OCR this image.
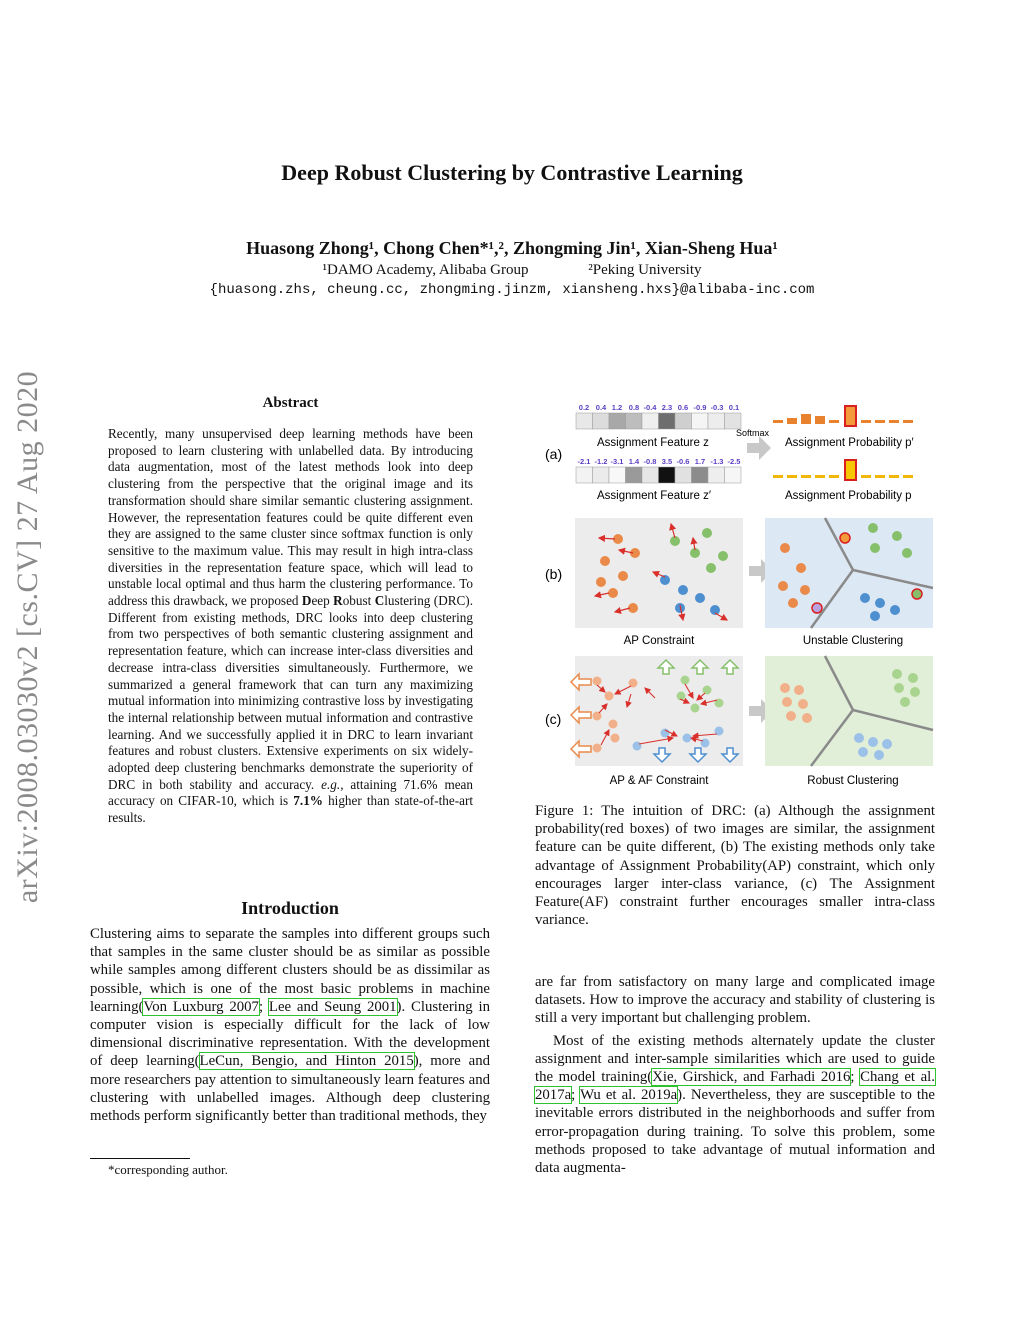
Deep Robust Clustering by Contrastive Learning
Huasong Zhong¹, Chong Chen*¹,², Zhongming Jin¹, Xian-Sheng Hua¹
¹DAMO Academy, Alibaba Group	²Peking University
{huasong.zhs, cheung.cc, zhongming.jinzm, xiansheng.hxs}@alibaba-inc.com
arXiv:2008.03030v2 [cs.CV] 27 Aug 2020	Abstract
Recently, many unsupervised deep learning methods have been proposed to learn clustering with unlabelled data. By introducing data augmentation, most of the latest methods look into deep clustering from the perspective that the original image and its transformation should share similar semantic clustering assignment. However, the representation features could be quite different even they are assigned to the same cluster since softmax function is only sensitive to the maximum value. This may result in high intra-class diversities in the representation feature space, which will lead to unstable local optimal and thus harm the clustering performance. To address this drawback, we proposed Deep Robust Clustering (DRC). Different from existing methods, DRC looks into deep clustering from two perspectives of both semantic clustering assignment and representation feature, which can increase inter-class diversities and decrease intra-class diversities simultaneously. Furthermore, we summarized a general framework that can turn any maximizing mutual information into minimizing contrastive loss by investigating the internal relationship between mutual information and contrastive learning. And we successfully applied it in DRC to learn invariant features and robust clusters. Extensive experiments on six widely-adopted deep clustering benchmarks demonstrate the superiority of DRC in both stability and accuracy. e.g., attaining 71.6% mean accuracy on CIFAR-10, which is 7.1% higher than state-of-the-art results.
Introduction
Clustering aims to separate the samples into different groups such that samples in the same cluster should be as similar as possible while samples among different clusters should be as dissimilar as possible, which is one of the most basic problems in machine learning(Von Luxburg 2007; Lee and Seung 2001). Clustering in computer vision is especially difficult for the lack of low dimensional discriminative representation. With the development of deep learning(LeCun, Bengio, and Hinton 2015), more and more researchers pay attention to simultaneously learn features and clustering with unlabelled images. Although deep clustering methods perform significantly better than traditional methods, they
*corresponding author.
(a)
(b)
(c)
0.2 0.4 1.2 0.8 -0.4 2.3 0.6 -0.9 -0.3 0.1
Assignment Feature z
-2.1 -1.2 -3.1 1.4 -0.8 3.5 -0.6 1.7 -1.3 -2.5
Assignment Feature z′
Softmax
Assignment Probability p′
Assignment Probability p
AP Constraint	Unstable Clustering
AP & AF Constraint	Robust Clustering
Figure 1: The intuition of DRC: (a) Although the assignment probability(red boxes) of two images are similar, the assignment feature can be quite different, (b) The existing methods only take advantage of Assignment Probability(AP) constraint, which only encourages larger inter-class variance, (c) The Assignment Feature(AF) constraint further encourages smaller intra-class variance.

are far from satisfactory on many large and complicated image datasets. How to improve the accuracy and stability of clustering is still a very important but challenging problem.

Most of the existing methods alternately update the cluster assignment and inter-sample similarities which are used to guide the model training(Xie, Girshick, and Farhadi 2016; Chang et al. 2017a; Wu et al. 2019a). Nevertheless, they are susceptible to the inevitable errors distributed in the neighborhoods and suffer from error-propagation during training. To solve this problem, some methods proposed to take advantage of mutual information and data augmenta-
